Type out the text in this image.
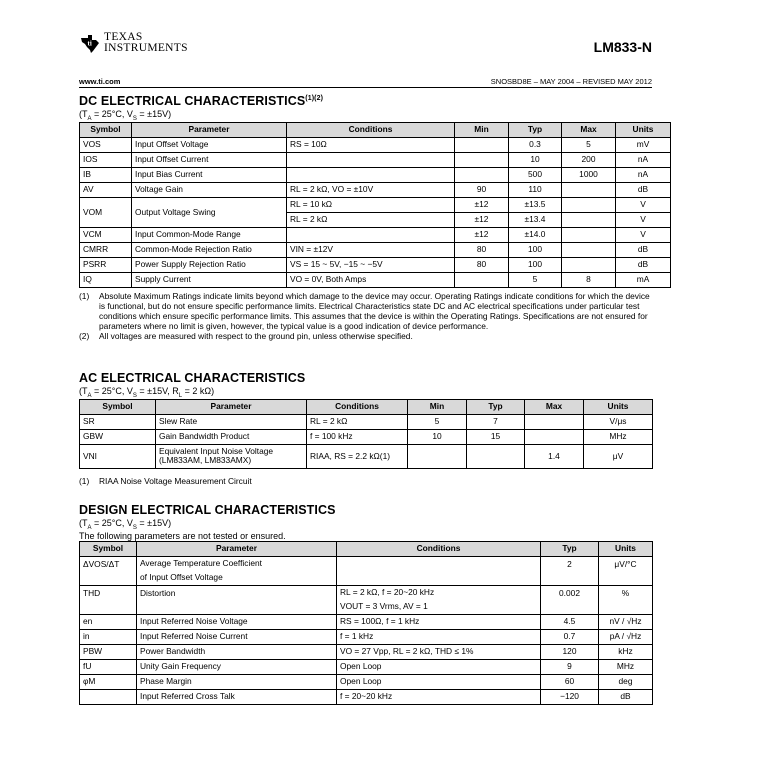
ti
TEXAS
INSTRUMENTS	LM833-N
www.ti.com	SNOSBD8E – MAY 2004 – REVISED MAY 2012
DC ELECTRICAL $CHARACTERISTICS^{(1)(2)}$
($T_A = 25^\circ C$, $V_S = \pm 15V$)
Symbol	Parameter	Conditions	Min	Typ	Max	Units
VOS	Input Offset Voltage	RS = 10Ω		0.3	5	mV
IOS	Input Offset Current			10	200	nA
IB	Input Bias Current			500	1000	nA
AV	Voltage Gain	RL = 2 kΩ, VO = ±10V	90	110		dB
VOM	Output Voltage Swing	RL = 10 kΩ	±12	±13.5		V
		RL = 2 kΩ	±12	±13.4		V
VCM	Input Common-Mode Range		±12	±14.0		V
CMRR	Common-Mode Rejection Ratio	VIN = ±12V	80	100		dB
PSRR	Power Supply Rejection Ratio	VS = 15 ~ 5V, −15 ~ −5V	80	100		dB
IQ	Supply Current	VO = 0V, Both Amps		5	8	mA
(1)	Absolute Maximum Ratings indicate limits beyond which damage to the device may occur. Operating Ratings indicate conditions for which the device is functional, but do not ensure specific performance limits. Electrical Characteristics state DC and AC electrical specifications under particular test conditions which ensure specific performance limits. This assumes that the device is within the Operating Ratings. Specifications are not ensured for parameters where no limit is given, however, the typical value is a good indication of device performance.
(2)	All voltages are measured with respect to the ground pin, unless otherwise specified.
AC ELECTRICAL CHARACTERISTICS
($T_A = 25^\circ C$, $V_S = \pm 15V$, $R_L = 2$ kΩ)
Symbol	Parameter	Conditions	Min	Typ	Max	Units
SR	Slew Rate	RL = 2 kΩ	5	7		V/μs
GBW	Gain Bandwidth Product	f = 100 kHz	10	15		MHz
VNI	Equivalent Input Noise Voltage (LM833AM, LM833AMX)	RIAA, RS = 2.2 kΩ(1)			1.4	μV
(1)	RIAA Noise Voltage Measurement Circuit
DESIGN ELECTRICAL CHARACTERISTICS
($T_A = 25^\circ C$, $V_S = \pm 15V$)
The following parameters are not tested or ensured.
Symbol	Parameter	Conditions	Typ	Units
ΔVOS/ΔT	Average Temperature Coefficient		2	μV/°C
	of Input Offset Voltage			
THD	Distortion	RL = 2 kΩ, f = 20~20 kHz	0.002	%
		VOUT = 3 Vrms, AV = 1		
en	Input Referred Noise Voltage	RS = 100Ω, f = 1 kHz	4.5	nV / √Hz
in	Input Referred Noise Current	f = 1 kHz	0.7	pA / √Hz
PBW	Power Bandwidth	VO = 27 Vpp, RL = 2 kΩ, THD ≤ 1%	120	kHz
fU	Unity Gain Frequency	Open Loop	9	MHz
φM	Phase Margin	Open Loop	60	deg
	Input Referred Cross Talk	f = 20~20 kHz	−120	dB
